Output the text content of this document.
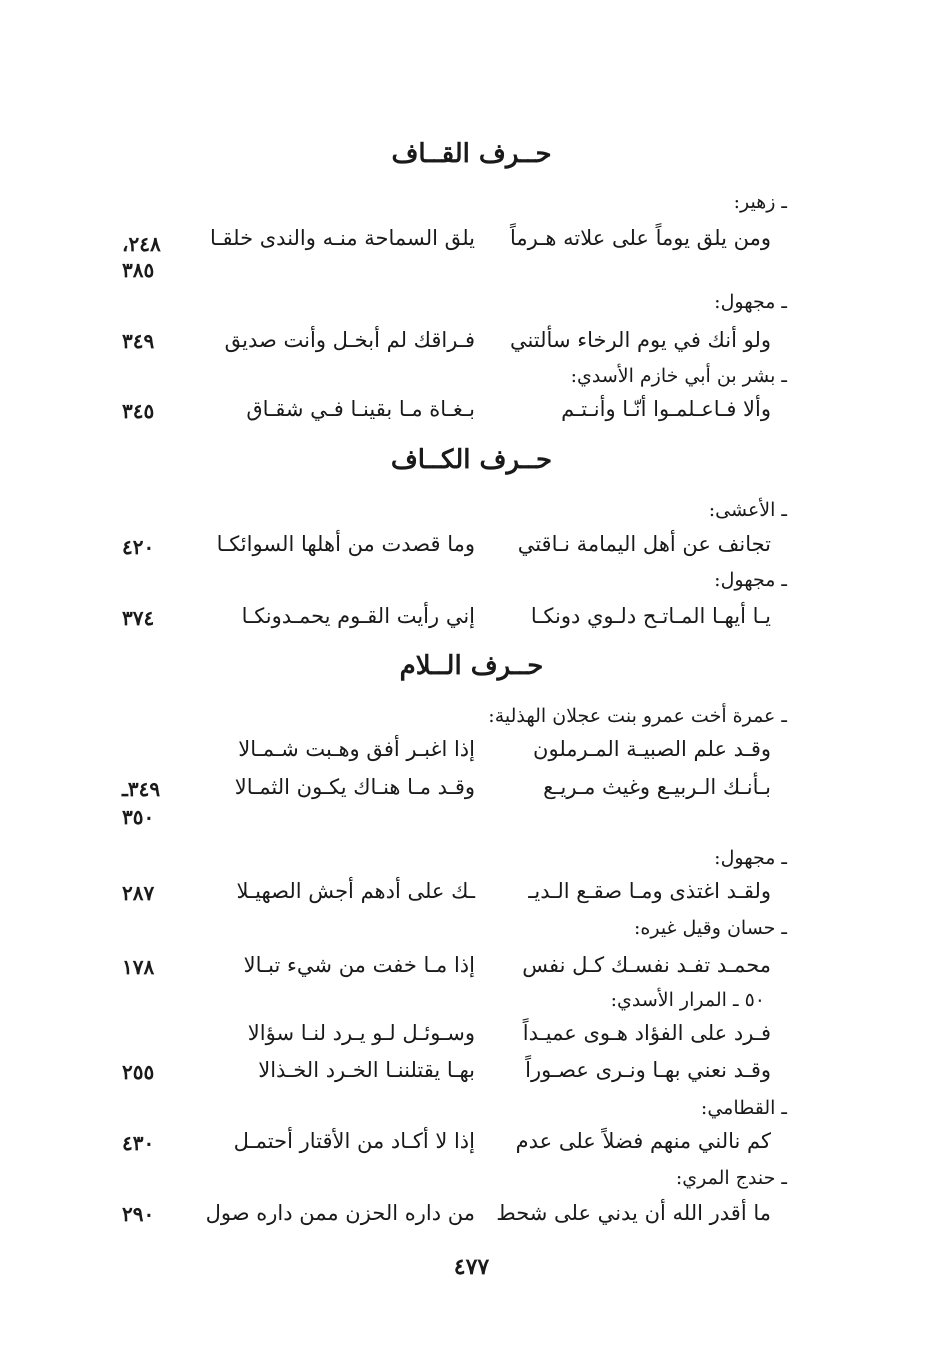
حــرف القــاف
ـ زهير:
ومن يلق يوماً على علاته هـرماً
يلق السماحة منـه والندى خلقـا
٢٤٨،
٣٨٥
ـ مجهول:
ولو أنك في يوم الرخاء سألتني
فـراقك لم أبخـل وأنت صديق
٣٤٩
ـ بشر بن أبي خازم الأسدي:
وألا فـاعـلمـوا أنّـا وأنـتـم
بـغـاة مـا بقينـا فـي شقـاق
٣٤٥
حــرف الكــاف
ـ الأعشى:
تجانف عن أهل اليمامة نـاقتي
وما قصدت من أهلها السوائكـا
٤٢٠
ـ مجهول:
يـا أيهـا المـاتـح دلـوي دونكـا
إني رأيت القـوم يحمـدونكـا
٣٧٤
حــرف الــلام
ـ عمرة أخت عمرو بنت عجلان الهذلية:
وقـد علم الصبيـة المـرملون
إذا اغبـر أفق وهـبت شـمـالا
بـأنـك الـربيـع وغيث مـريـع
وقـد مـا هنـاك يكـون الثمـالا
٣٤٩ـ
٣٥٠
ـ مجهول:
ولقـد اغتذى ومـا صقـع الـديـ
ـك على أدهم أجش الصهيـلا
٢٨٧
ـ حسان وقيل غيره:
محمـد تفـد نفسـك كـل نفس
إذا مـا خفت من شيء تبـالا
١٧٨
٥٠ ـ المرار الأسدي:
فـرد على الفؤاد هـوى عميـداً
وسـوئـل لـو يـرد لنـا سؤالا
وقـد نعني بهـا ونـرى عصـوراً
بهـا يقتلننـا الخـرد الخـذالا
٢٥٥
ـ القطامي:
كم نالني منهم فضلاً على عدم
إذا لا أكـاد من الأقتار أحتمـل
٤٣٠
ـ حندج المري:
ما أقدر الله أن يدني على شحط
من داره الحزن ممن داره صول
٢٩٠
٤٧٧
